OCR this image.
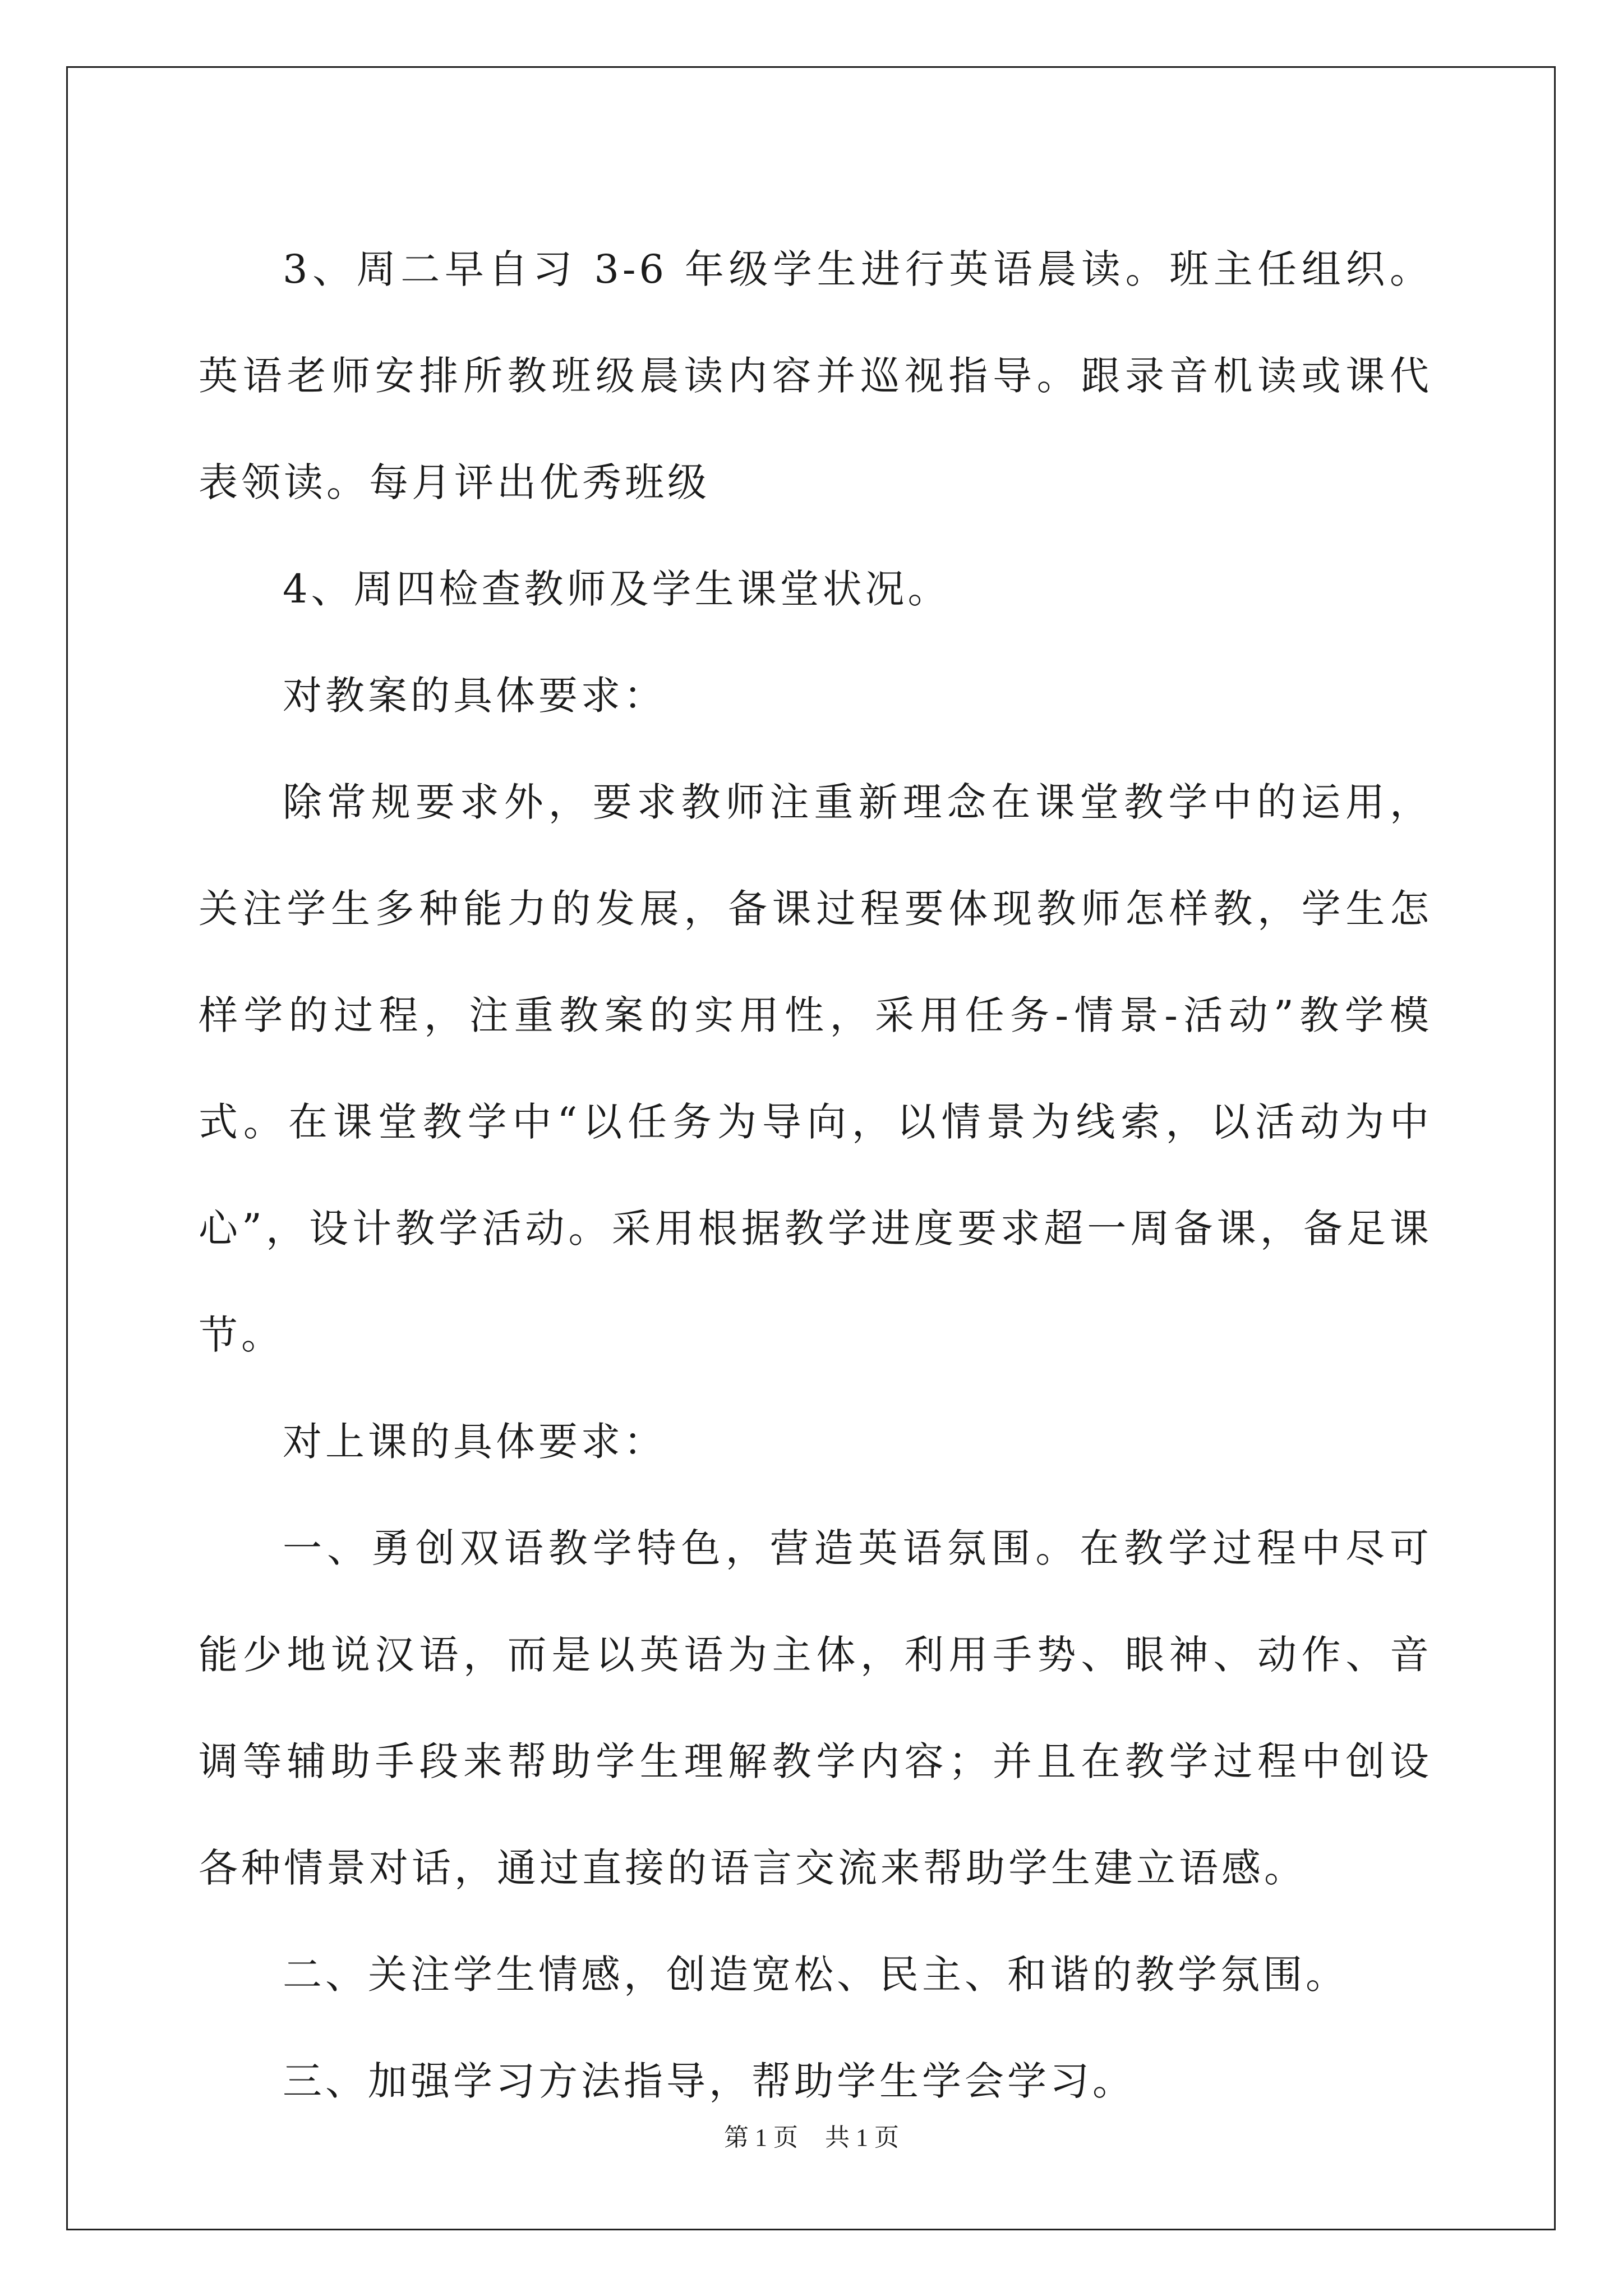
3、周二早自习 3-6 年级学生进行英语晨读。班主任组织。英语老师安排所教班级晨读内容并巡视指导。跟录音机读或课代表领读。每月评出优秀班级

4、周四检查教师及学生课堂状况。

对教案的具体要求：

除常规要求外，要求教师注重新理念在课堂教学中的运用，关注学生多种能力的发展，备课过程要体现教师怎样教，学生怎样学的过程，注重教案的实用性，采用任务-情景-活动”教学模式。在课堂教学中“以任务为导向，以情景为线索，以活动为中心”，设计教学活动。采用根据教学进度要求超一周备课，备足课节。

对上课的具体要求：

一、勇创双语教学特色，营造英语氛围。在教学过程中尽可能少地说汉语，而是以英语为主体，利用手势、眼神、动作、音调等辅助手段来帮助学生理解教学内容；并且在教学过程中创设各种情景对话，通过直接的语言交流来帮助学生建立语感。

二、关注学生情感，创造宽松、民主、和谐的教学氛围。

三、加强学习方法指导，帮助学生学会学习。

第 1 页 共 1 页
